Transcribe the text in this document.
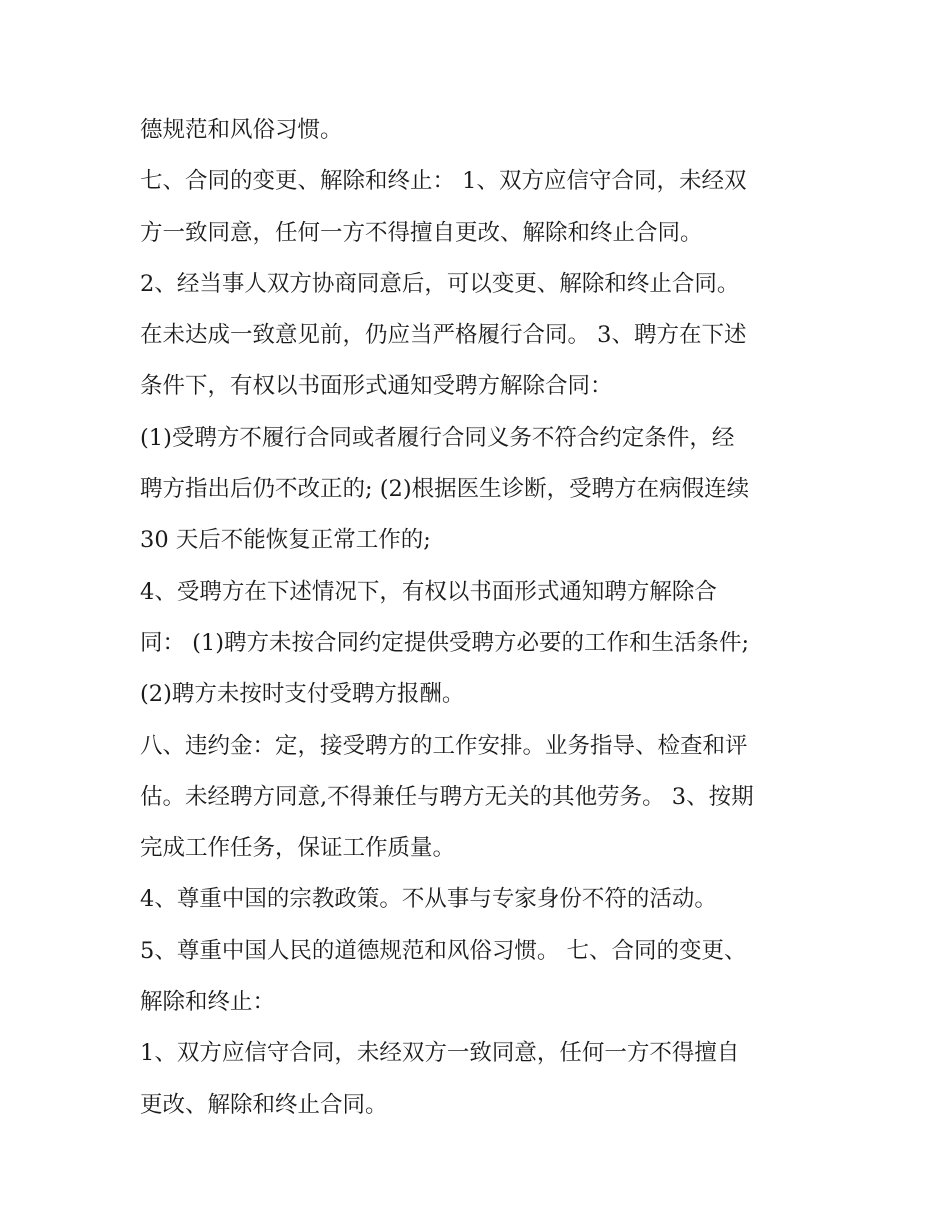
德规范和风俗习惯。
七、合同的变更、解除和终止： 1、双方应信守合同，未经双
方一致同意，任何一方不得擅自更改、解除和终止合同。
2、经当事人双方协商同意后，可以变更、解除和终止合同。
在未达成一致意见前，仍应当严格履行合同。 3、聘方在下述
条件下，有权以书面形式通知受聘方解除合同：
(1)受聘方不履行合同或者履行合同义务不符合约定条件，经
聘方指出后仍不改正的; (2)根据医生诊断，受聘方在病假连续
30 天后不能恢复正常工作的;
4、受聘方在下述情况下，有权以书面形式通知聘方解除合
同： (1)聘方未按合同约定提供受聘方必要的工作和生活条件;
(2)聘方未按时支付受聘方报酬。
八、违约金：定，接受聘方的工作安排。业务指导、检查和评
估。未经聘方同意,不得兼任与聘方无关的其他劳务。 3、按期
完成工作任务，保证工作质量。
4、尊重中国的宗教政策。不从事与专家身份不符的活动。
5、尊重中国人民的道德规范和风俗习惯。 七、合同的变更、
解除和终止：
1、双方应信守合同，未经双方一致同意，任何一方不得擅自
更改、解除和终止合同。
